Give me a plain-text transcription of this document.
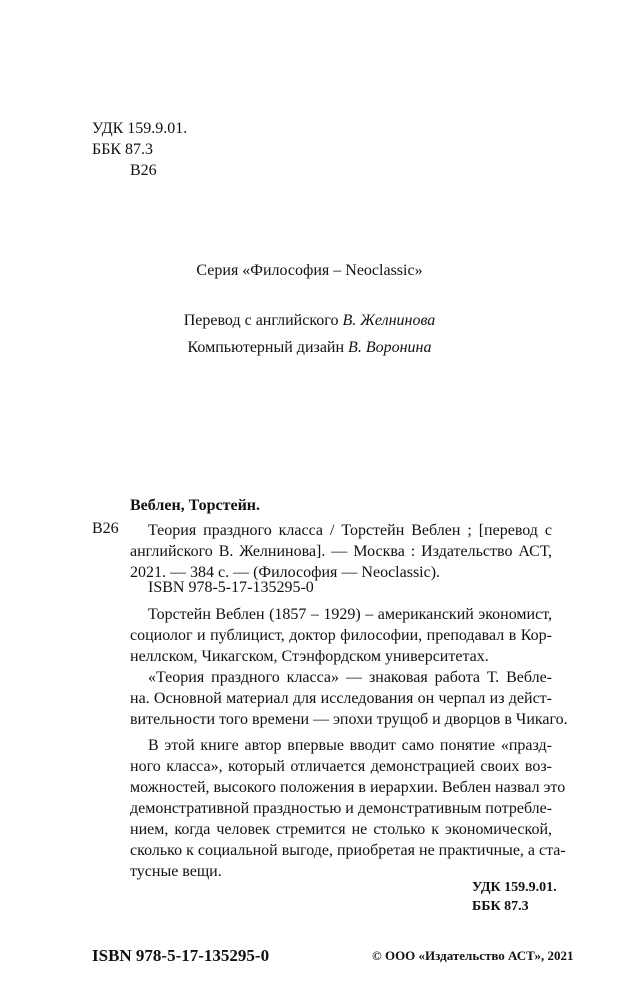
УДК 159.9.01.
ББК 87.3
В26
Серия «Философия – Neoclassic»
Перевод с английского В. Желнинова
Компьютерный дизайн В. Воронина
Веблен, Торстейн.
В26	Теория праздного класса / Торстейн Веблен ; [перевод с
английского В. Желнинова]. — Москва : Издательство АСТ,
2021. — 384 с. — (Философия — Neoclassic).
ISBN 978-5-17-135295-0
Торстейн Веблен (1857 – 1929) – американский экономист,
социолог и публицист, доктор философии, преподавал в Кор-
неллском, Чикагском, Стэнфордском университетах.
«Теория праздного класса» — знаковая работа Т. Вебле-
на. Основной материал для исследования он черпал из дейст-
вительности того времени — эпохи трущоб и дворцов в Чикаго.
В этой книге автор впервые вводит само понятие «празд-
ного класса», который отличается демонстрацией своих воз-
можностей, высокого положения в иерархии. Веблен назвал это
демонстративной праздностью и демонстративным потребле-
нием, когда человек стремится не столько к экономической,
сколько к социальной выгоде, приобретая не практичные, а ста-
тусные вещи.
УДК 159.9.01.
ББК 87.3
ISBN 978-5-17-135295-0	© ООО «Издательство АСТ», 2021
